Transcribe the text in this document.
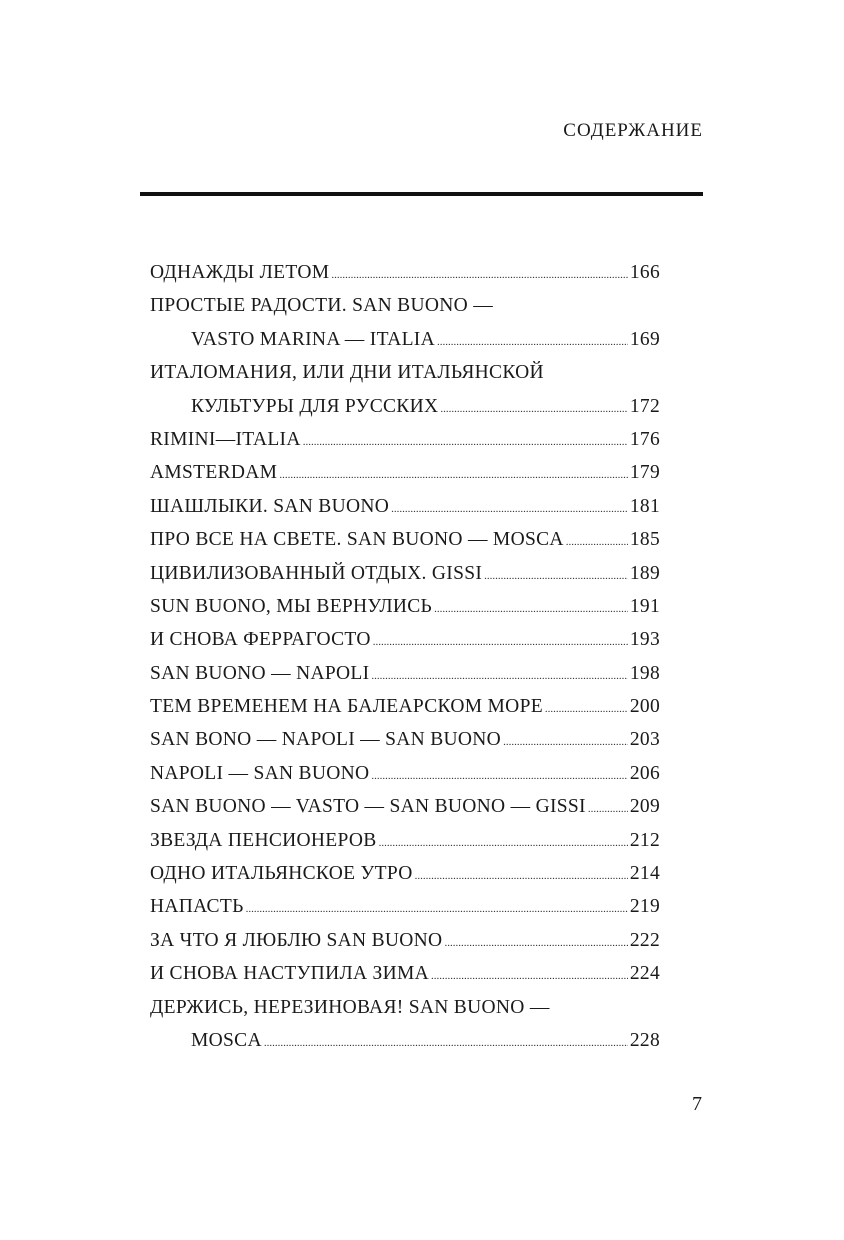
СОДЕРЖАНИЕ
ОДНАЖДЫ ЛЕТОМ .....	166
ПРОСТЫЕ РАДОСТИ. SAN BUONO —
VASTO MARINA — ITALIA .....	169
ИТАЛОМАНИЯ, ИЛИ ДНИ ИТАЛЬЯНСКОЙ
КУЛЬТУРЫ ДЛЯ РУССКИХ .....	172
RIMINI—ITALIA .....	176
AMSTERDAM .....	179
ШАШЛЫКИ. SAN BUONO .....	181
ПРО ВСЕ НА СВЕТЕ. SAN BUONO — MOSCA .....	185
ЦИВИЛИЗОВАННЫЙ ОТДЫХ. GISSI .....	189
SUN BUONO, МЫ ВЕРНУЛИСЬ .....	191
И СНОВА ФЕРРАГОСТО .....	193
SAN BUONO — NAPOLI .....	198
ТЕМ ВРЕМЕНЕМ НА БАЛЕАРСКОМ МОРЕ .....	200
SAN BONO — NAPOLI — SAN BUONO .....	203
NAPOLI — SAN BUONO .....	206
SAN BUONO — VASTO — SAN BUONO — GISSI ..... 209
ЗВЕЗДА ПЕНСИОНЕРОВ .....	212
ОДНО ИТАЛЬЯНСКОЕ УТРО .....	214
НАПАСТЬ .....	219
ЗА ЧТО Я ЛЮБЛЮ SAN BUONO .....	222
И СНОВА НАСТУПИЛА ЗИМА .....	224
ДЕРЖИСЬ, НЕРЕЗИНОВАЯ! SAN BUONO —
MOSCA .....	228
7
